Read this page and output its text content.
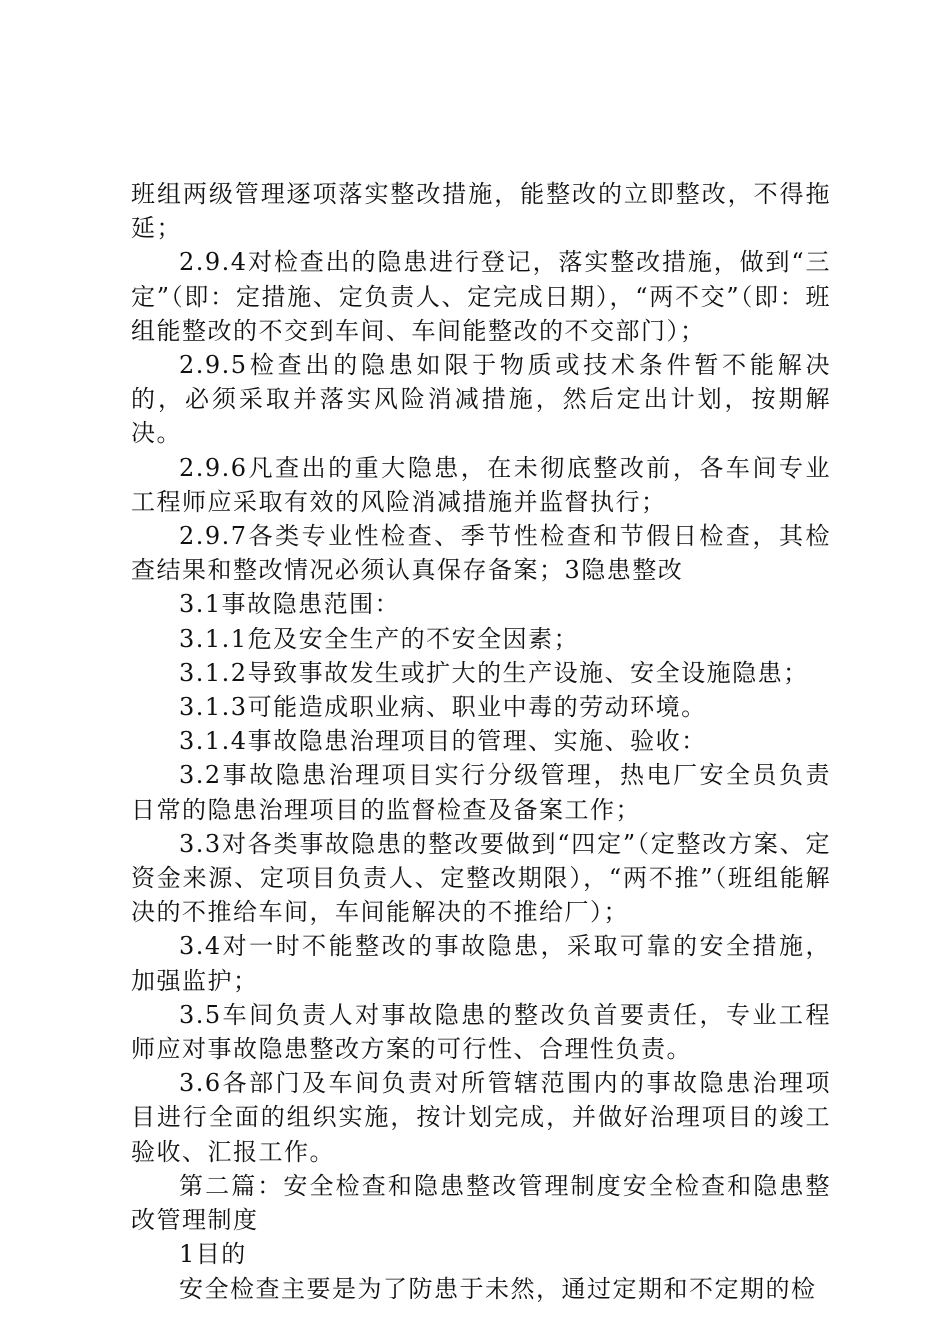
班组两级管理逐项落实整改措施，能整改的立即整改，不得拖延；

2.9.4对检查出的隐患进行登记，落实整改措施，做到“三定”（即：定措施、定负责人、定完成日期），“两不交”（即：班组能整改的不交到车间、车间能整改的不交部门）；

2.9.5检查出的隐患如限于物质或技术条件暂不能解决的，必须采取并落实风险消减措施，然后定出计划，按期解决。

2.9.6凡查出的重大隐患，在未彻底整改前，各车间专业工程师应采取有效的风险消减措施并监督执行；

2.9.7各类专业性检查、季节性检查和节假日检查，其检查结果和整改情况必须认真保存备案；3隐患整改

3.1事故隐患范围：

3.1.1危及安全生产的不安全因素；

3.1.2导致事故发生或扩大的生产设施、安全设施隐患；

3.1.3可能造成职业病、职业中毒的劳动环境。

3.1.4事故隐患治理项目的管理、实施、验收：

3.2事故隐患治理项目实行分级管理，热电厂安全员负责日常的隐患治理项目的监督检查及备案工作；

3.3对各类事故隐患的整改要做到“四定”（定整改方案、定资金来源、定项目负责人、定整改期限），“两不推”（班组能解决的不推给车间，车间能解决的不推给厂）；

3.4对一时不能整改的事故隐患，采取可靠的安全措施，加强监护；

3.5车间负责人对事故隐患的整改负首要责任，专业工程师应对事故隐患整改方案的可行性、合理性负责。

3.6各部门及车间负责对所管辖范围内的事故隐患治理项目进行全面的组织实施，按计划完成，并做好治理项目的竣工验收、汇报工作。

第二篇：安全检查和隐患整改管理制度安全检查和隐患整改管理制度

1目的

安全检查主要是为了防患于未然，通过定期和不定期的检
